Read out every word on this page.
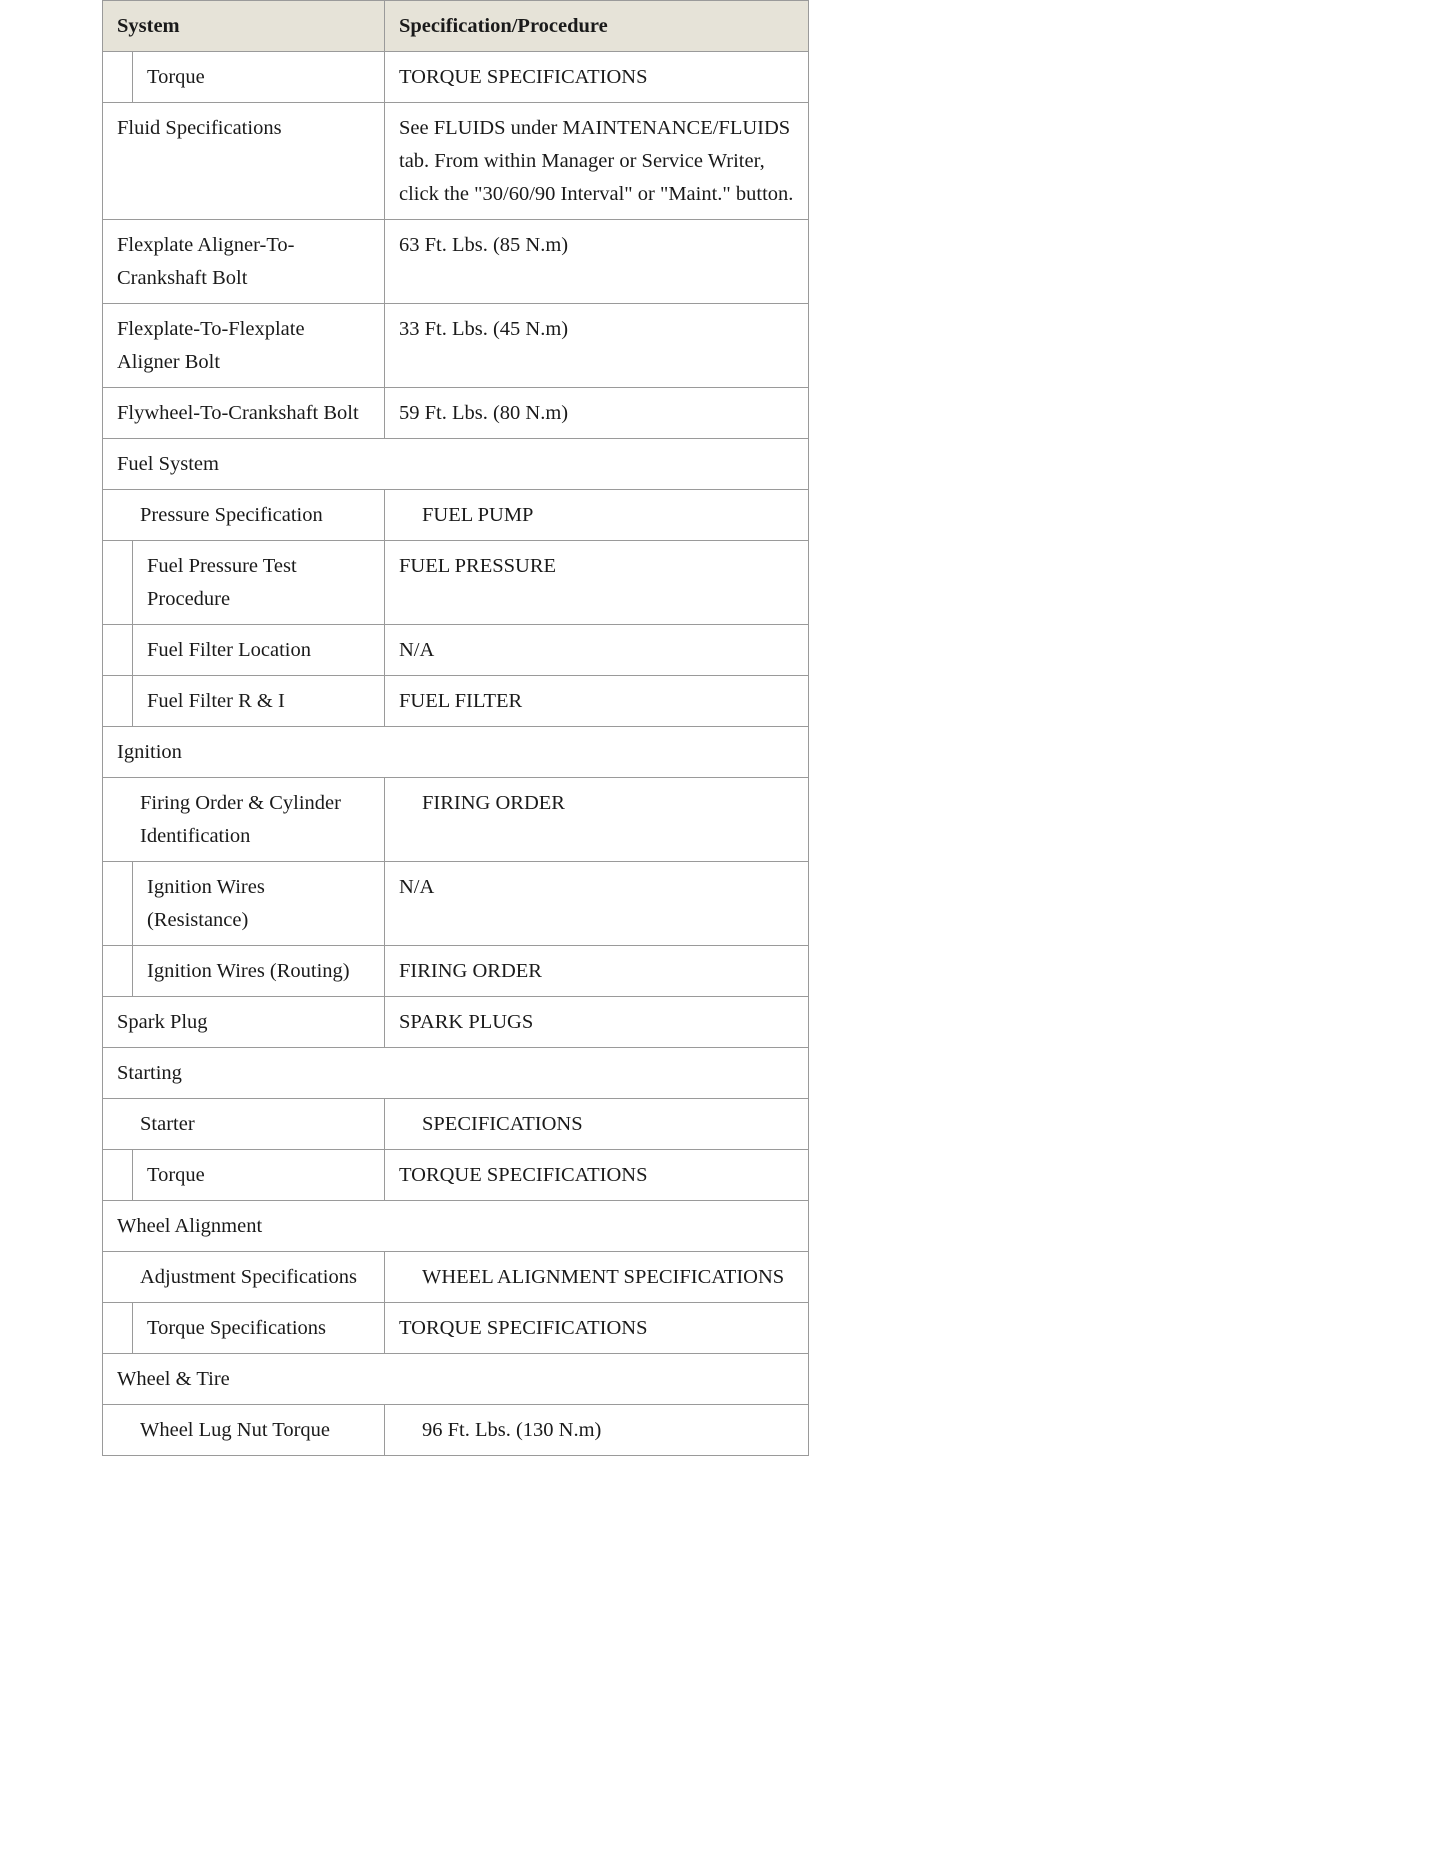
System	Specification/Procedure

Torque	TORQUE SPECIFICATIONS

Fluid Specifications	See FLUIDS under MAINTENANCE/FLUIDS tab. From within Manager or Service Writer, click the "30/60/90 Interval" or "Maint." button.

Flexplate Aligner-To-Crankshaft Bolt	63 Ft. Lbs. (85 N.m)

Flexplate-To-Flexplate Aligner Bolt	33 Ft. Lbs. (45 N.m)

Flywheel-To-Crankshaft Bolt	59 Ft. Lbs. (80 N.m)

Fuel System	

Pressure Specification	FUEL PUMP

Fuel Pressure Test Procedure	FUEL PRESSURE

Fuel Filter Location	N/A

Fuel Filter R & I	FUEL FILTER

Ignition	

Firing Order & Cylinder Identification	FIRING ORDER

Ignition Wires (Resistance)	N/A

Ignition Wires (Routing)	FIRING ORDER

Spark Plug	SPARK PLUGS

Starting	

Starter	SPECIFICATIONS

Torque	TORQUE SPECIFICATIONS

Wheel Alignment	

Adjustment Specifications	WHEEL ALIGNMENT SPECIFICATIONS

Torque Specifications	TORQUE SPECIFICATIONS

Wheel & Tire	

Wheel Lug Nut Torque	96 Ft. Lbs. (130 N.m)
